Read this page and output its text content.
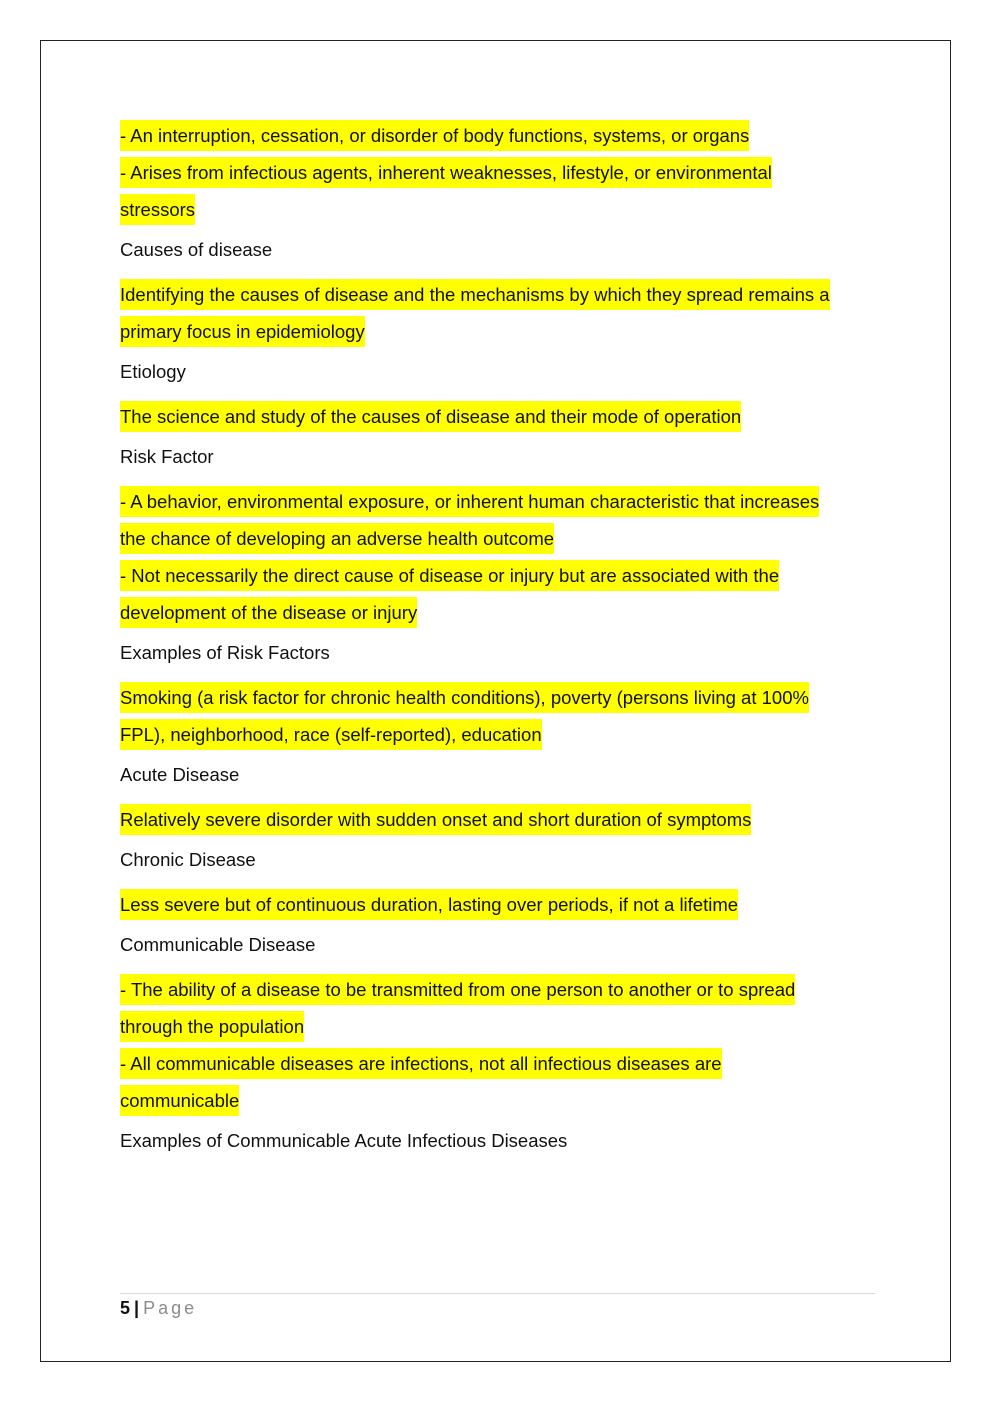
- An interruption, cessation, or disorder of body functions, systems, or organs
- Arises from infectious agents, inherent weaknesses, lifestyle, or environmental
stressors
Causes of disease
Identifying the causes of disease and the mechanisms by which they spread remains a
primary focus in epidemiology
Etiology
The science and study of the causes of disease and their mode of operation
Risk Factor
- A behavior, environmental exposure, or inherent human characteristic that increases
the chance of developing an adverse health outcome
- Not necessarily the direct cause of disease or injury but are associated with the
development of the disease or injury
Examples of Risk Factors
Smoking (a risk factor for chronic health conditions), poverty (persons living at 100%
FPL), neighborhood, race (self-reported), education
Acute Disease
Relatively severe disorder with sudden onset and short duration of symptoms
Chronic Disease
Less severe but of continuous duration, lasting over periods, if not a lifetime
Communicable Disease
- The ability of a disease to be transmitted from one person to another or to spread
through the population
- All communicable diseases are infections, not all infectious diseases are
communicable
Examples of Communicable Acute Infectious Diseases
5 | Page
